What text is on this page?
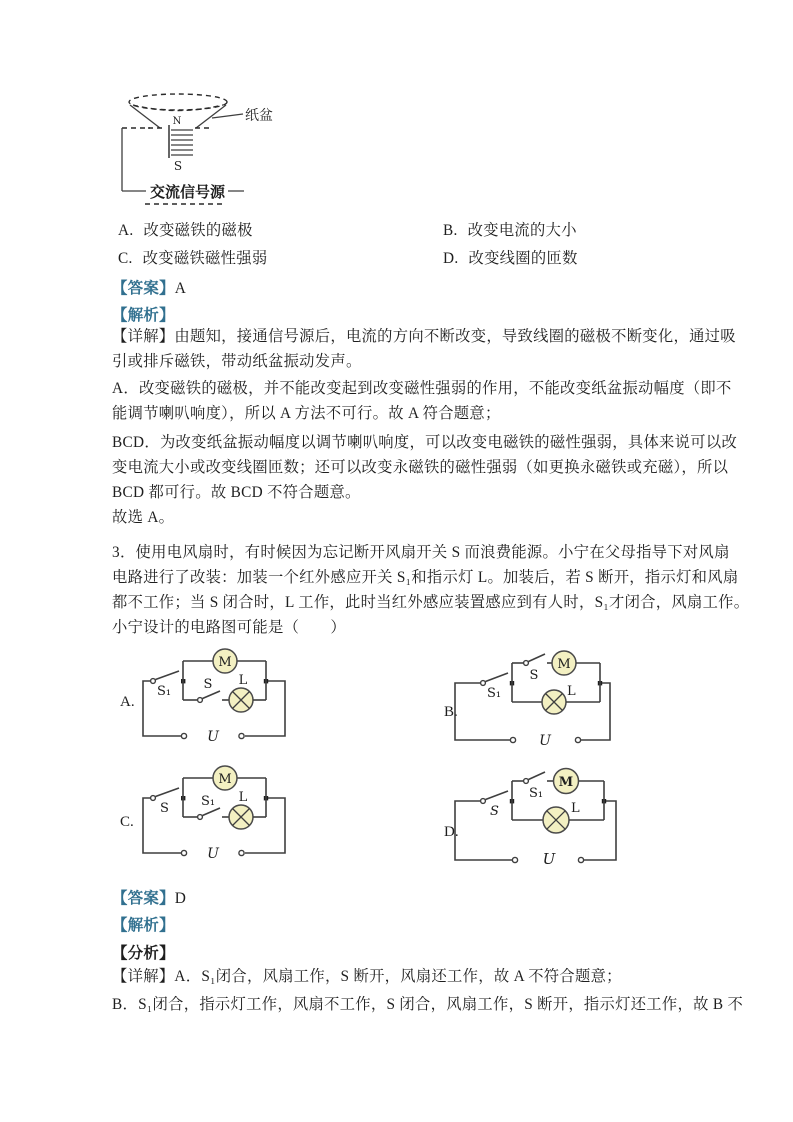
N
S
纸盆
交流信号源
A. 改变磁铁的磁极	B. 改变电流的大小
C. 改变磁铁磁性强弱	D. 改变线圈的匝数
【答案】A
【解析】
【详解】由题知，接通信号源后，电流的方向不断改变，导致线圈的磁极不断变化，通过吸
引或排斥磁铁，带动纸盆振动发声。
A．改变磁铁的磁极，并不能改变起到改变磁性强弱的作用，不能改变纸盆振动幅度（即不
能调节喇叭响度），所以 A 方法不可行。故 A 符合题意；
BCD．为改变纸盆振动幅度以调节喇叭响度，可以改变电磁铁的磁性强弱，具体来说可以改
变电流大小或改变线圈匝数；还可以改变永磁铁的磁性强弱（如更换永磁铁或充磁），所以
BCD 都可行。故 BCD 不符合题意。
故选 A。
3．使用电风扇时，有时候因为忘记断开风扇开关 S 而浪费能源。小宁在父母指导下对风扇
电路进行了改装：加装一个红外感应开关 S₁和指示灯 L。加装后，若 S 断开，指示灯和风扇
都不工作；当 S 闭合时，L 工作，此时当红外感应装置感应到有人时，S₁才闭合，风扇工作。
小宁设计的电路图可能是（　　）
A.
M
S₁ S L
U
B.
M
S₁
S
L
U
C.
M
S S₁ L
U
D.
M
S
S₁
L
U
【答案】D
【解析】
【分析】
【详解】A．S₁闭合，风扇工作，S 断开，风扇还工作，故 A 不符合题意；
B．S₁闭合，指示灯工作，风扇不工作，S 闭合，风扇工作，S 断开，指示灯还工作，故 B 不
